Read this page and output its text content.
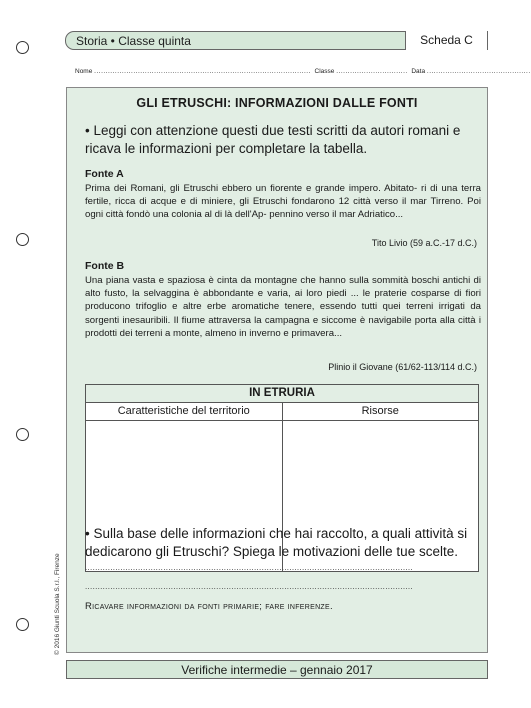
Storia • Classe quinta	Scheda C
Nome .............................................................................................. Classe ............................... Data .............................................
GLI ETRUSCHI: INFORMAZIONI DALLE FONTI
• Leggi con attenzione questi due testi scritti da autori romani e ricava le informazioni per completare la tabella.
Fonte A
Prima dei Romani, gli Etruschi ebbero un fiorente e grande impero. Abitato- ri di una terra fertile, ricca di acque e di miniere, gli Etruschi fondarono 12 città verso il mar Tirreno. Poi ogni città fondò una colonia al di là dell'Ap- pennino verso il mar Adriatico...
Tito Livio (59 a.C.-17 d.C.)
Fonte B
Una piana vasta e spaziosa è cinta da montagne che hanno sulla sommità boschi antichi di alto fusto, la selvaggina è abbondante e varia, ai loro piedi ... le praterie cosparse di fiori producono trifoglio e altre erbe aromatiche tenere, essendo tutti quei terreni irrigati da sorgenti inesauribili. Il fiume attraversa la campagna e siccome è navigabile porta alla città i prodotti dei terreni a monte, almeno in inverno e primavera...
Plinio il Giovane (61/62-113/114 d.C.)
IN ETRURIA
Caratteristiche del territorio	Risorse
• Sulla base delle informazioni che hai raccolto, a quali attività si dedicarono gli Etruschi? Spiega le motivazioni delle tue scelte.
..................................................................................................................................
..................................................................................................................................
Ricavare informazioni da fonti primarie; fare inferenze.
Verifiche intermedie – gennaio 2017
© 2016 Giunti Scuola S.r.l., Firenze
